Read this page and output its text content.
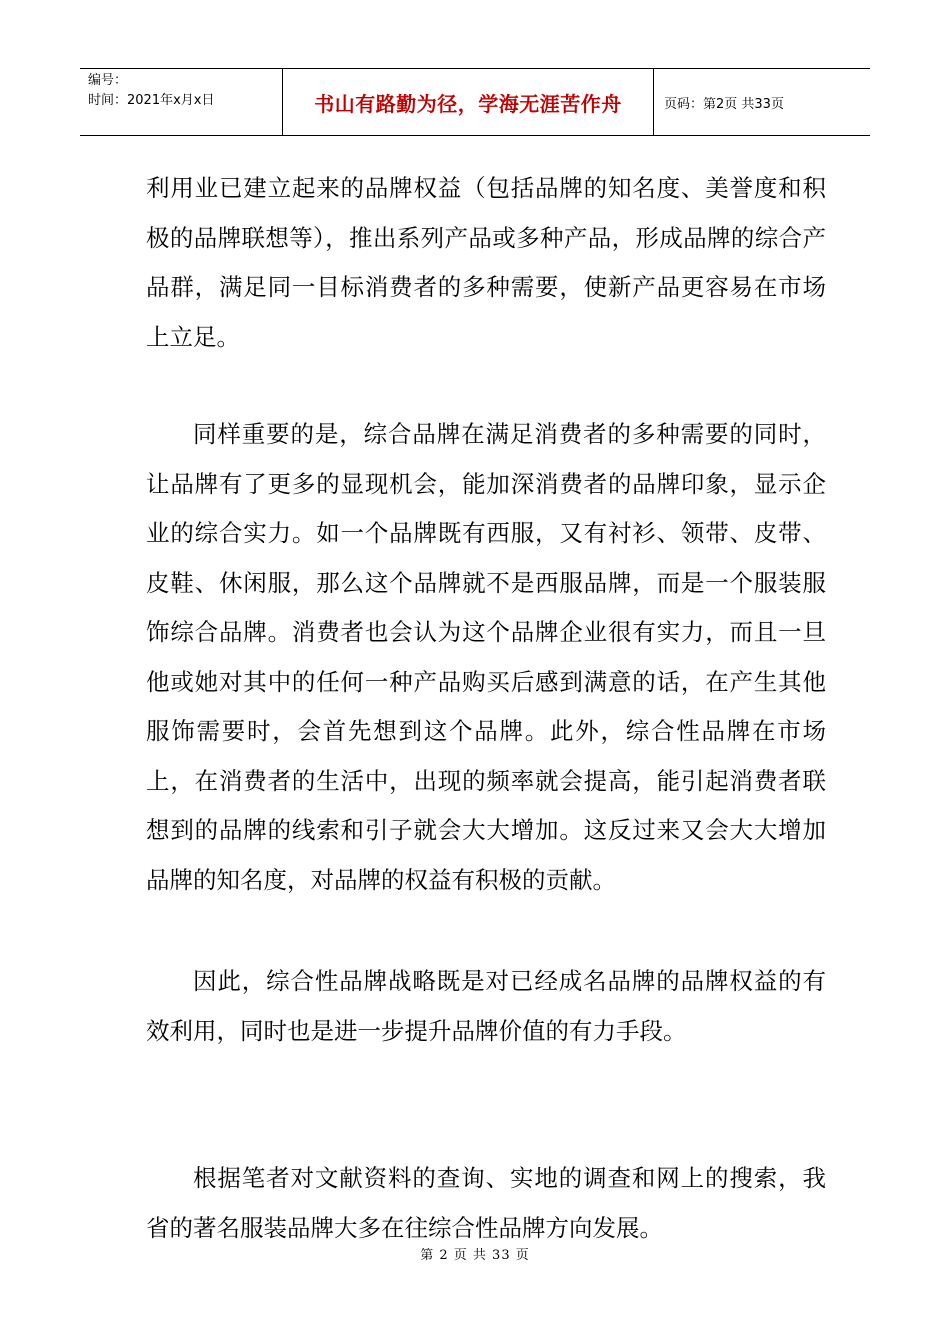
编号：
时间：2021年x月x日	书山有路勤为径，学海无涯苦作舟	页码：第2页 共33页

利用业已建立起来的品牌权益（包括品牌的知名度、美誉度和积极的品牌联想等），推出系列产品或多种产品，形成品牌的综合产品群，满足同一目标消费者的多种需要，使新产品更容易在市场上立足。

同样重要的是，综合品牌在满足消费者的多种需要的同时，让品牌有了更多的显现机会，能加深消费者的品牌印象，显示企业的综合实力。如一个品牌既有西服，又有衬衫、领带、皮带、皮鞋、休闲服，那么这个品牌就不是西服品牌，而是一个服装服饰综合品牌。消费者也会认为这个品牌企业很有实力，而且一旦他或她对其中的任何一种产品购买后感到满意的话，在产生其他服饰需要时，会首先想到这个品牌。此外，综合性品牌在市场上，在消费者的生活中，出现的频率就会提高，能引起消费者联想到的品牌的线索和引子就会大大增加。这反过来又会大大增加品牌的知名度，对品牌的权益有积极的贡献。

因此，综合性品牌战略既是对已经成名品牌的品牌权益的有效利用，同时也是进一步提升品牌价值的有力手段。

根据笔者对文献资料的查询、实地的调查和网上的搜索，我省的著名服装品牌大多在往综合性品牌方向发展。

第 2 页 共 33 页
